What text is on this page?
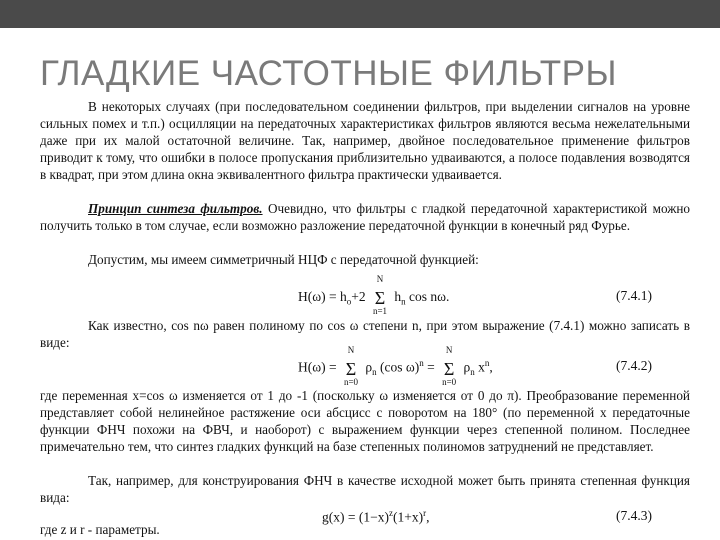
ГЛАДКИЕ ЧАСТОТНЫЕ ФИЛЬТРЫ

В некоторых случаях (при последовательном соединении фильтров, при выделении сигналов на уровне сильных помех и т.п.) осцилляции на передаточных характеристиках фильтров являются весьма нежелательными даже при их малой остаточной величине. Так, например, двойное последовательное применение фильтров приводит к тому, что ошибки в полосе пропускания приблизительно удваиваются, а полосе подавления возводятся в квадрат, при этом длина окна эквивалентного фильтра практически удваивается.

Принцип синтеза фильтров. Очевидно, что фильтры с гладкой передаточной характеристикой можно получить только в том случае, если возможно разложение передаточной функции в конечный ряд Фурье.

Допустим, мы имеем симметричный НЦФ с передаточной функцией:

$H(\omega) = h_o+2$ Σ
N
n=1
$h_n$ cos nω.	(7.4.1)

Как известно, cos nω равен полиному по cos ω степени n, при этом выражение (7.4.1) можно записать в виде:

H(ω) = Σ
N
n=0
$\rho_n$ (cos ω)$^n$ = Σ
N
n=0
$\rho_n$ $x^n$,	(7.4.2)

где переменная x=cos ω изменяется от 1 до -1 (поскольку ω изменяется от 0 до π). Преобразование переменной представляет собой нелинейное растяжение оси абсцисс с поворотом на 180° (по переменной x передаточные функции ФНЧ похожи на ФВЧ, и наоборот) с выражением функции через степенной полином. Последнее примечательно тем, что синтез гладких функций на базе степенных полиномов затруднений не представляет.

Так, например, для конструирования ФНЧ в качестве исходной может быть принята степенная функция вида:

$g(x) = (1-x)^z(1+x)^r$,	(7.4.3)

где z и r - параметры.
